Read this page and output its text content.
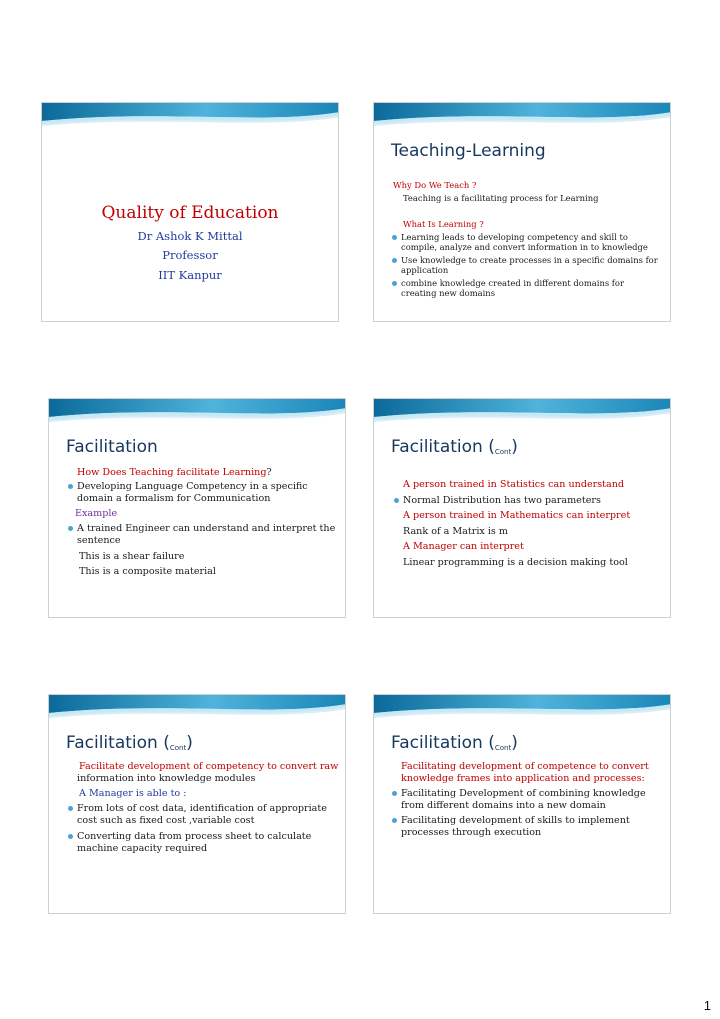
Quality of Education
Dr Ashok K Mittal
Professor
IIT Kanpur
Teaching-Learning
Why Do We Teach ?
Teaching is a facilitating process for Learning
What Is Learning ?
Learning leads to developing competency and skill to
compile, analyze and convert information in to knowledge
Use knowledge to create processes in a specific domains for
application
combine knowledge created in different domains for
creating new domains
Facilitation
How Does Teaching facilitate Learning?
Developing Language Competency in a specific
domain a formalism for Communication
Example
A trained Engineer can understand and interpret the
sentence
This is a shear failure
This is a composite material
Facilitation $(_{Cont})$
A person trained in Statistics can understand
Normal Distribution has two parameters
A person trained in Mathematics can interpret
Rank of a Matrix is m
A Manager can interpret
Linear programming is a decision making tool
Facilitation $(_{Cont})$
Facilitate development of competency to convert raw
information into knowledge modules
A Manager is able to :
From lots of cost data, identification of appropriate
cost such as fixed cost ,variable cost
Converting data from process sheet to calculate
machine capacity required
Facilitation $(_{Cont})$
Facilitating development of competence to convert
knowledge frames into application and processes:
Facilitating Development of combining knowledge
from different domains into a new domain
Facilitating development of skills to implement
processes through execution
1
